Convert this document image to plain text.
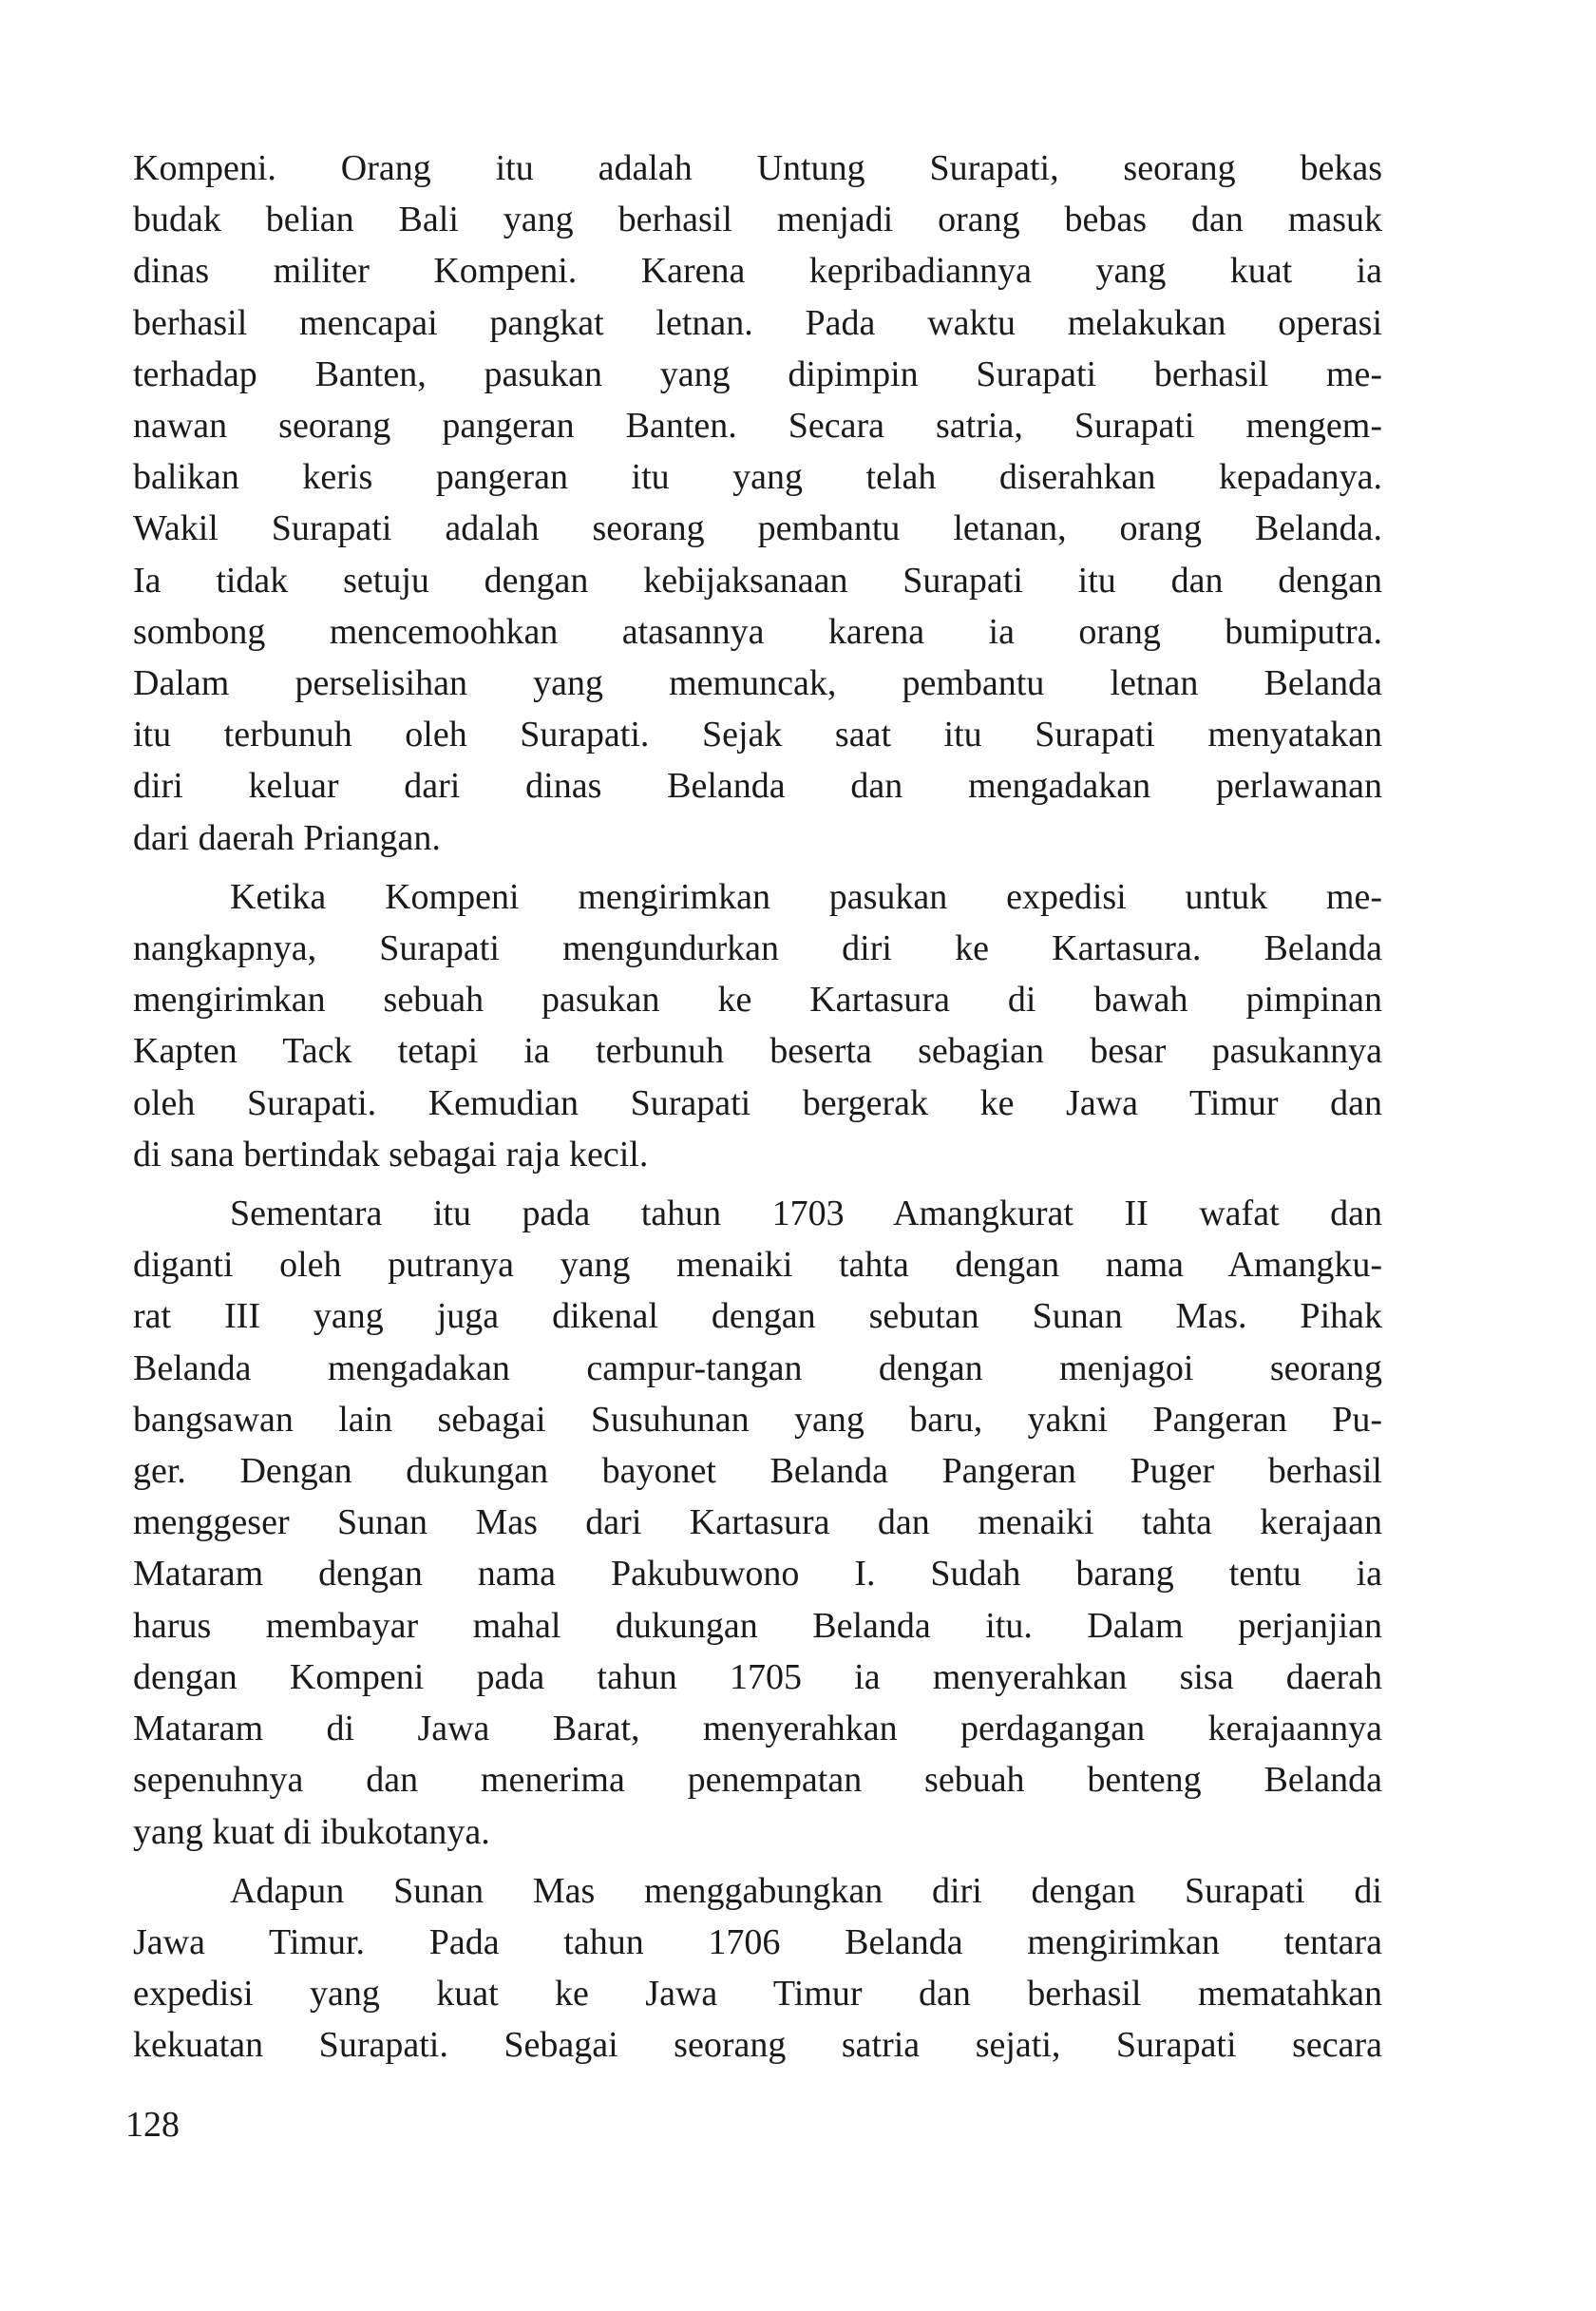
Kompeni. Orang itu adalah Untung Surapati, seorang bekas
budak belian Bali yang berhasil menjadi orang bebas dan masuk
dinas militer Kompeni. Karena kepribadiannya yang kuat ia
berhasil mencapai pangkat letnan. Pada waktu melakukan operasi
terhadap Banten, pasukan yang dipimpin Surapati berhasil me-
nawan seorang pangeran Banten. Secara satria, Surapati mengem-
balikan keris pangeran itu yang telah diserahkan kepadanya.
Wakil Surapati adalah seorang pembantu letanan, orang Belanda.
Ia tidak setuju dengan kebijaksanaan Surapati itu dan dengan
sombong mencemoohkan atasannya karena ia orang bumiputra.
Dalam perselisihan yang memuncak, pembantu letnan Belanda
itu terbunuh oleh Surapati. Sejak saat itu Surapati menyatakan
diri keluar dari dinas Belanda dan mengadakan perlawanan
dari daerah Priangan.

Ketika Kompeni mengirimkan pasukan expedisi untuk me-
nangkapnya, Surapati mengundurkan diri ke Kartasura. Belanda
mengirimkan sebuah pasukan ke Kartasura di bawah pimpinan
Kapten Tack tetapi ia terbunuh beserta sebagian besar pasukannya
oleh Surapati. Kemudian Surapati bergerak ke Jawa Timur dan
di sana bertindak sebagai raja kecil.

Sementara itu pada tahun 1703 Amangkurat II wafat dan
diganti oleh putranya yang menaiki tahta dengan nama Amangku-
rat III yang juga dikenal dengan sebutan Sunan Mas. Pihak
Belanda mengadakan campur-tangan dengan menjagoi seorang
bangsawan lain sebagai Susuhunan yang baru, yakni Pangeran Pu-
ger. Dengan dukungan bayonet Belanda Pangeran Puger berhasil
menggeser Sunan Mas dari Kartasura dan menaiki tahta kerajaan
Mataram dengan nama Pakubuwono I. Sudah barang tentu ia
harus membayar mahal dukungan Belanda itu. Dalam perjanjian
dengan Kompeni pada tahun 1705 ia menyerahkan sisa daerah
Mataram di Jawa Barat, menyerahkan perdagangan kerajaannya
sepenuhnya dan menerima penempatan sebuah benteng Belanda
yang kuat di ibukotanya.

Adapun Sunan Mas menggabungkan diri dengan Surapati di
Jawa Timur. Pada tahun 1706 Belanda mengirimkan tentara
expedisi yang kuat ke Jawa Timur dan berhasil mematahkan
kekuatan Surapati. Sebagai seorang satria sejati, Surapati secara

128
